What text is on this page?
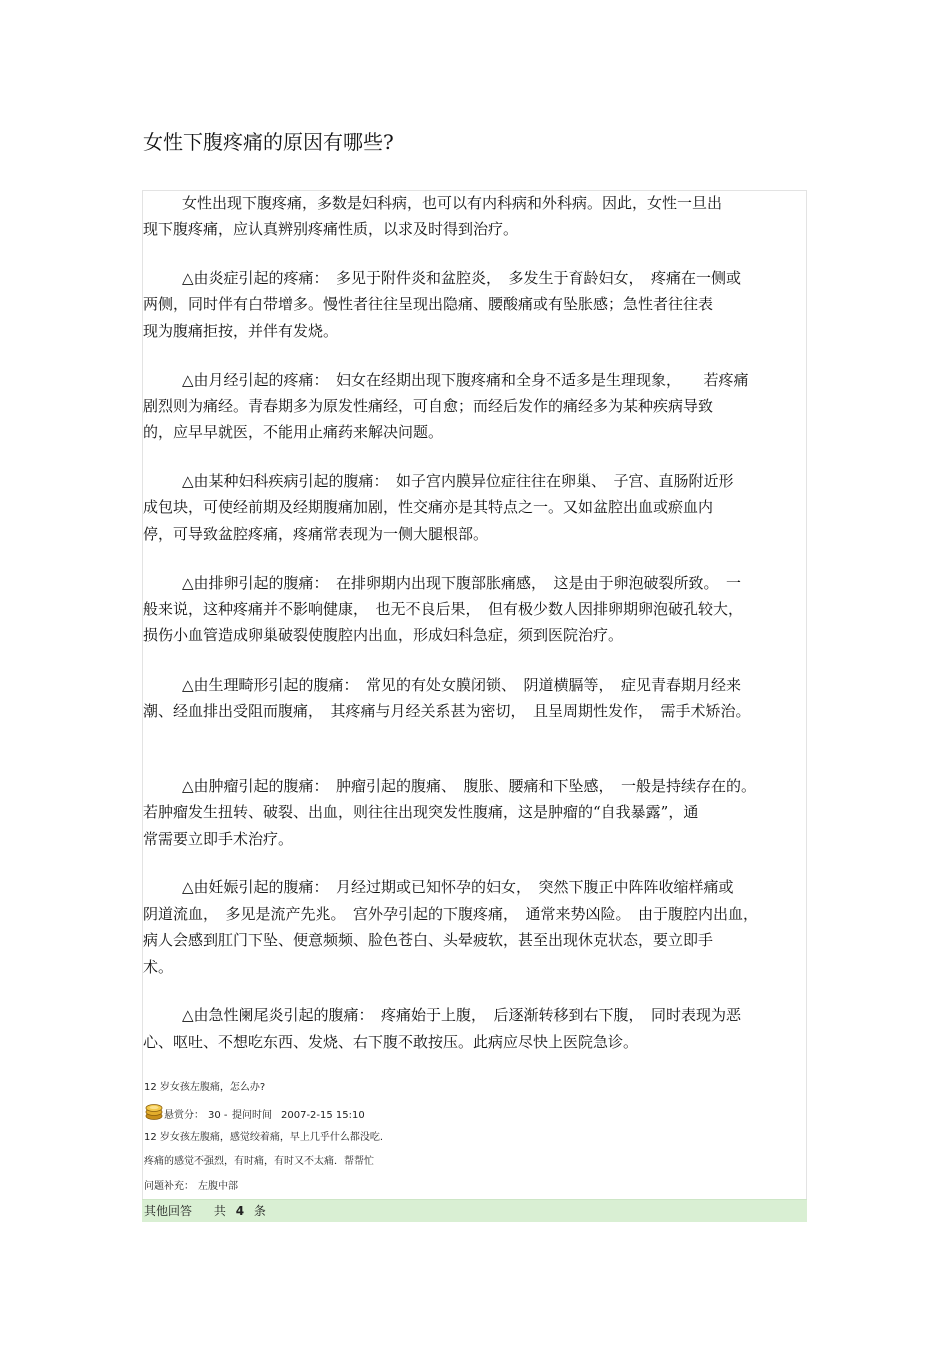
女性下腹疼痛的原因有哪些?
女性出现下腹疼痛，多数是妇科病，也可以有内科病和外科病。因此，女性一旦出
现下腹疼痛，应认真辨别疼痛性质，以求及时得到治疗。
△由炎症引起的疼痛：　多见于附件炎和盆腔炎，　多发生于育龄妇女，　疼痛在一侧或
两侧，同时伴有白带增多。慢性者往往呈现出隐痛、腰酸痛或有坠胀感；急性者往往表
现为腹痛拒按，并伴有发烧。
△由月经引起的疼痛：　妇女在经期出现下腹疼痛和全身不适多是生理现象，　　若疼痛
剧烈则为痛经。青春期多为原发性痛经，可自愈；而经后发作的痛经多为某种疾病导致
的，应早早就医，不能用止痛药来解决问题。
△由某种妇科疾病引起的腹痛：　如子宫内膜异位症往往在卵巢、　子宫、直肠附近形
成包块，可使经前期及经期腹痛加剧，性交痛亦是其特点之一。又如盆腔出血或瘀血内
停，可导致盆腔疼痛，疼痛常表现为一侧大腿根部。
△由排卵引起的腹痛：　在排卵期内出现下腹部胀痛感，　这是由于卵泡破裂所致。　一
般来说，这种疼痛并不影响健康，　也无不良后果，　但有极少数人因排卵期卵泡破孔较大，
损伤小血管造成卵巢破裂使腹腔内出血，形成妇科急症，须到医院治疗。
△由生理畸形引起的腹痛：　常见的有处女膜闭锁、　阴道横膈等，　症见青春期月经来
潮、经血排出受阻而腹痛，　其疼痛与月经关系甚为密切，　且呈周期性发作，　需手术矫治。
△由肿瘤引起的腹痛：　肿瘤引起的腹痛、　腹胀、腰痛和下坠感，　一般是持续存在的。
若肿瘤发生扭转、破裂、出血，则往往出现突发性腹痛，这是肿瘤的“自我暴露”，通
常需要立即手术治疗。
△由妊娠引起的腹痛：　月经过期或已知怀孕的妇女，　突然下腹正中阵阵收缩样痛或
阴道流血，　多见是流产先兆。　宫外孕引起的下腹疼痛，　通常来势凶险。　由于腹腔内出血，
病人会感到肛门下坠、便意频频、脸色苍白、头晕疲软，甚至出现休克状态，要立即手
术。
△由急性阑尾炎引起的腹痛：　疼痛始于上腹，　后逐渐转移到右下腹，　同时表现为恶
心、呕吐、不想吃东西、发烧、右下腹不敢按压。此病应尽快上医院急诊。
12 岁女孩左腹痛，怎么办?
悬赏分： 30 - 提问时间 2007-2-15 15:10
12 岁女孩左腹痛，感觉绞着痛，早上几乎什么都没吃.
疼痛的感觉不强烈，有时痛，有时又不太痛．帮帮忙
问题补充： 左腹中部
其他回答 共 4 条
